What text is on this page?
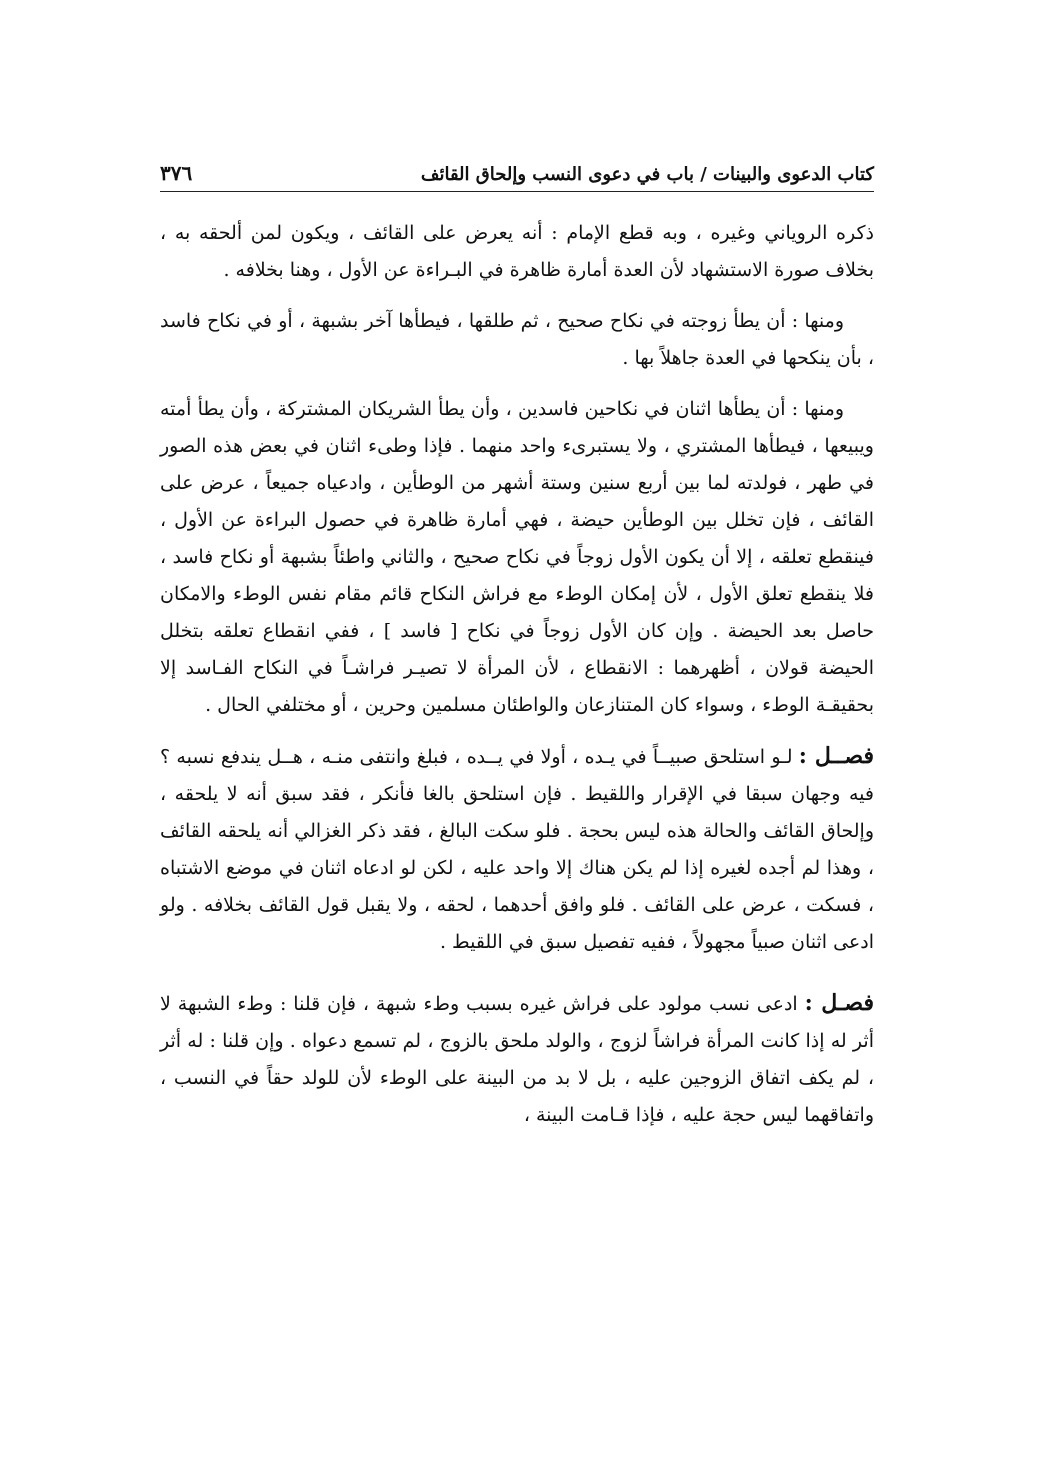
كتاب الدعوى والبينات / باب في دعوى النسب وإلحاق القائف
٣٧٦

ذكره الروياني وغيره ، وبه قطع الإمام : أنه يعرض على القائف ، ويكون لمن ألحقه به ، بخلاف صورة الاستشهاد لأن العدة أمارة ظاهرة في البـراءة عن الأول ، وهنا بخلافه .

ومنها : أن يطأ زوجته في نكاح صحيح ، ثم طلقها ، فيطأها آخر بشبهة ، أو في نكاح فاسد ، بأن ينكحها في العدة جاهلاً بها .

ومنها : أن يطأها اثنان في نكاحين فاسدين ، وأن يطأ الشريكان المشتركة ، وأن يطأ أمته ويبيعها ، فيطأها المشتري ، ولا يستبرىء واحد منهما . فإذا وطىء اثنان في بعض هذه الصور في طهر ، فولدته لما بين أربع سنين وستة أشهر من الوطأين ، وادعياه جميعاً ، عرض على القائف ، فإن تخلل بين الوطأين حيضة ، فهي أمارة ظاهرة في حصول البراءة عن الأول ، فينقطع تعلقه ، إلا أن يكون الأول زوجاً في نكاح صحيح ، والثاني واطئاً بشبهة أو نكاح فاسد ، فلا ينقطع تعلق الأول ، لأن إمكان الوطء مع فراش النكاح قائم مقام نفس الوطء والامكان حاصل بعد الحيضة . وإن كان الأول زوجاً في نكاح [ فاسد ] ، ففي انقطاع تعلقه بتخلل الحيضة قولان ، أظهرهما : الانقطاع ، لأن المرأة لا تصيـر فراشـاً في النكاح الفـاسد إلا بحقيقـة الوطء ، وسواء كان المتنازعان والواطئان مسلمين وحرين ، أو مختلفي الحال .

فصــل : لـو استلحق صبيــاً في يـده ، أولا في يــده ، فبلغ وانتفى منـه ، هــل يندفع نسبه ؟ فيه وجهان سبقا في الإقرار واللقيط . فإن استلحق بالغا فأنكر ، فقد سبق أنه لا يلحقه ، وإلحاق القائف والحالة هذه ليس بحجة . فلو سكت البالغ ، فقد ذكر الغزالي أنه يلحقه القائف ، وهذا لم أجده لغيره إذا لم يكن هناك إلا واحد عليه ، لكن لو ادعاه اثنان في موضع الاشتباه ، فسكت ، عرض على القائف . فلو وافق أحدهما ، لحقه ، ولا يقبل قول القائف بخلافه . ولو ادعى اثنان صبياً مجهولاً ، ففيه تفصيل سبق في اللقيط .

فصـل : ادعى نسب مولود على فراش غيره بسبب وطء شبهة ، فإن قلنا : وطء الشبهة لا أثر له إذا كانت المرأة فراشاً لزوج ، والولد ملحق بالزوج ، لم تسمع دعواه . وإن قلنا : له أثر ، لم يكف اتفاق الزوجين عليه ، بل لا بد من البينة على الوطء لأن للولد حقاً في النسب ، واتفاقهما ليس حجة عليه ، فإذا قـامت البينة ،
